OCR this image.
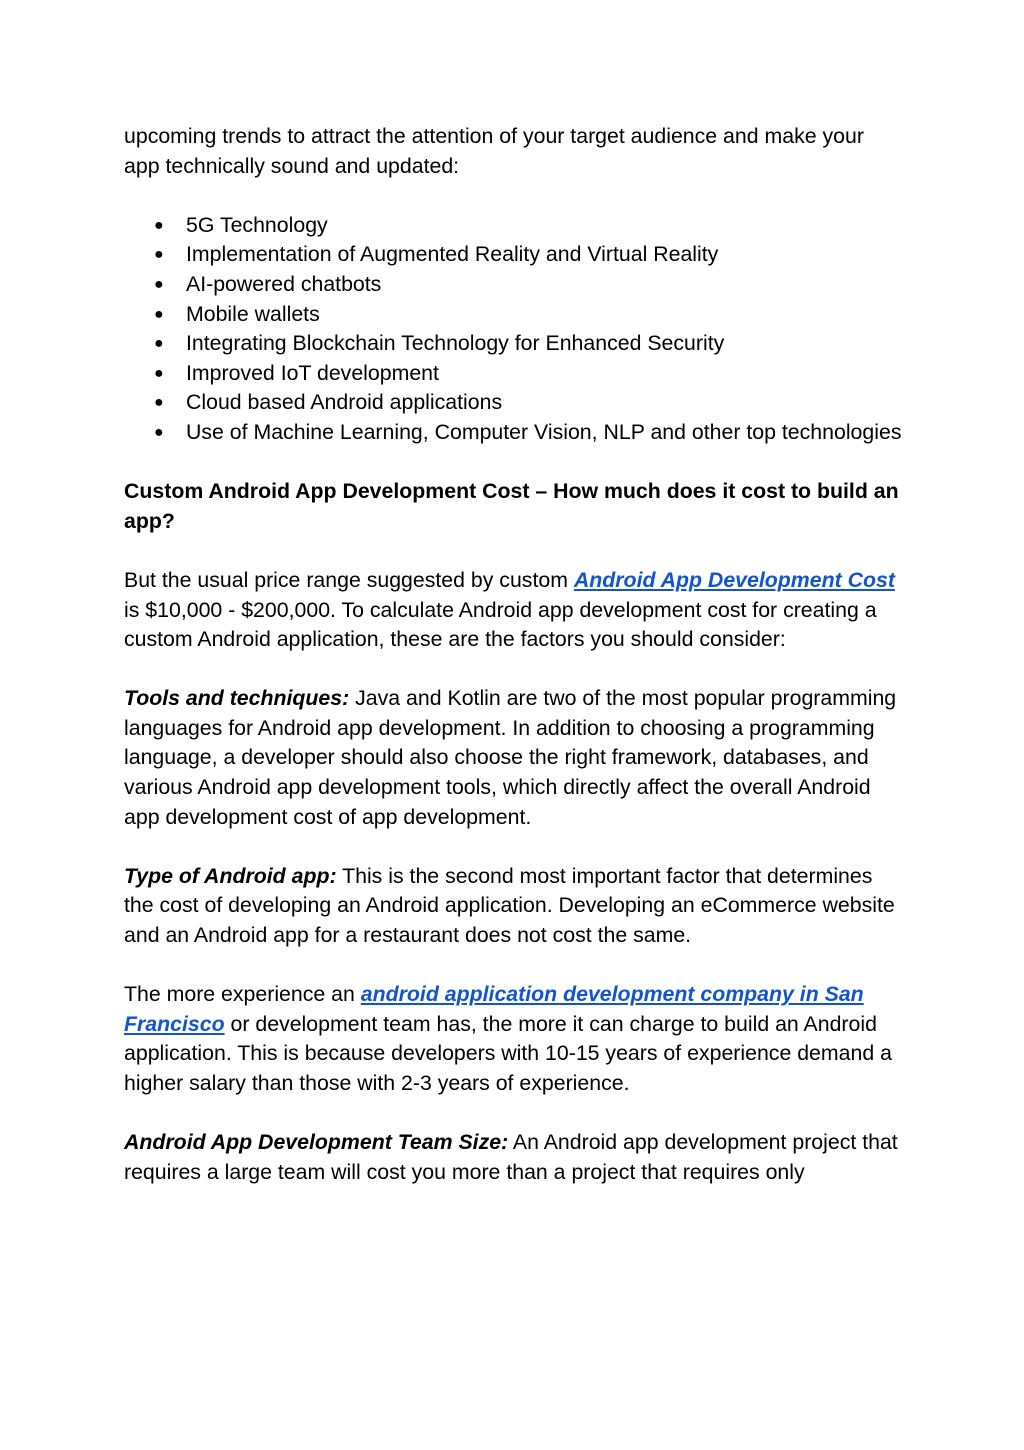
upcoming trends to attract the attention of your target audience and make your app technically sound and updated:

● 5G Technology
● Implementation of Augmented Reality and Virtual Reality
● AI-powered chatbots
● Mobile wallets
● Integrating Blockchain Technology for Enhanced Security
● Improved IoT development
● Cloud based Android applications
● Use of Machine Learning, Computer Vision, NLP and other top technologies

Custom Android App Development Cost – How much does it cost to build an app?

But the usual price range suggested by custom Android App Development Cost is $10,000 - $200,000. To calculate Android app development cost for creating a custom Android application, these are the factors you should consider:

Tools and techniques: Java and Kotlin are two of the most popular programming languages for Android app development. In addition to choosing a programming language, a developer should also choose the right framework, databases, and various Android app development tools, which directly affect the overall Android app development cost of app development.

Type of Android app: This is the second most important factor that determines the cost of developing an Android application. Developing an eCommerce website and an Android app for a restaurant does not cost the same.

The more experience an android application development company in San Francisco or development team has, the more it can charge to build an Android application. This is because developers with 10-15 years of experience demand a higher salary than those with 2-3 years of experience.

Android App Development Team Size: An Android app development project that requires a large team will cost you more than a project that requires only
